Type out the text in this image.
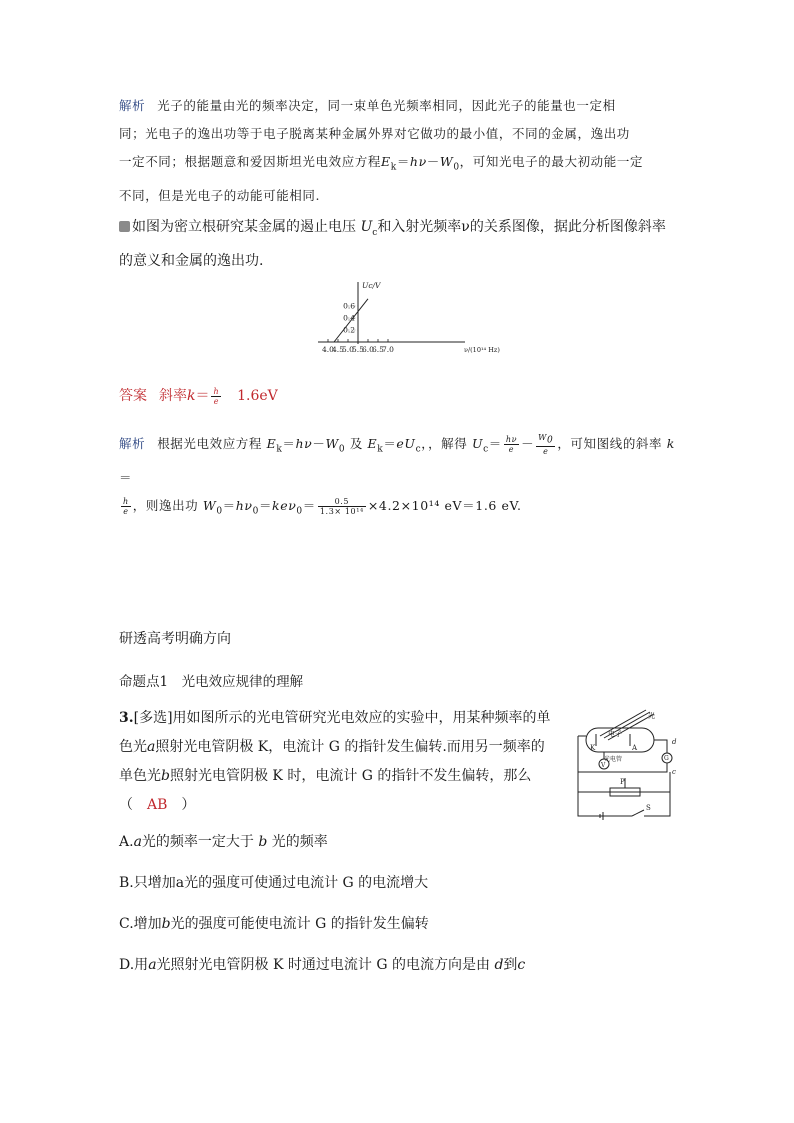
解析 光子的能量由光的频率决定，同一束单色光频率相同，因此光子的能量也一定相
同；光电子的逸出功等于电子脱离某种金属外界对它做功的最小值，不同的金属，逸出功
一定不同；根据题意和爱因斯坦光电效应方程$E_k=h\nu-W_0$，可知光电子的最大初动能一定
不同，但是光电子的动能可能相同.
如图为密立根研究某金属的遏止电压 $U_c$和入射光频率ν的关系图像，据此分析图像斜率
的意义和金属的逸出功.
4.0
4.5
5.0
5.5
6.0
6.5
7.0
0.2
0.4
0.6
Uc/V
ν/(10¹⁴ Hz)
答案 斜率$k= \frac{h}{e} 1.6eV$
解析 根据光电效应方程 $E_k=h\nu-W_0$ 及 $E_k=eU_c$，，解得 $U_c= \frac{h\nu}{e} - \frac{W_0}{e}$ ，可知图线的斜率 k＝
$\frac{h}{e}$ ，则逸出功 $W_0=h\nu_0=ke\nu_0= \frac{0.5}{\text{1.3× 10¹⁴}} \times 4.2\times 10^{14}$ eV＝1.6 eV.
研透高考明确方向
命题点1　光电效应规律的理解
3.[多选]用如图所示的光电管研究光电效应的实验中，用某种频率的单
色光a照射光电管阴极 K，电流计 G 的指针发生偏转.而用另一频率的
单色光b照射光电管阴极 K 时，电流计 G 的指针不发生偏转，那么
（ AB ）
光
电子
光电管
K	A
G
V
P
S
d
c
A.a光的频率一定大于 b 光的频率
B.只增加a光的强度可使通过电流计 G 的电流增大
C.增加b光的强度可能使电流计 G 的指针发生偏转
D.用a光照射光电管阴极 K 时通过电流计 G 的电流方向是由 d到c
